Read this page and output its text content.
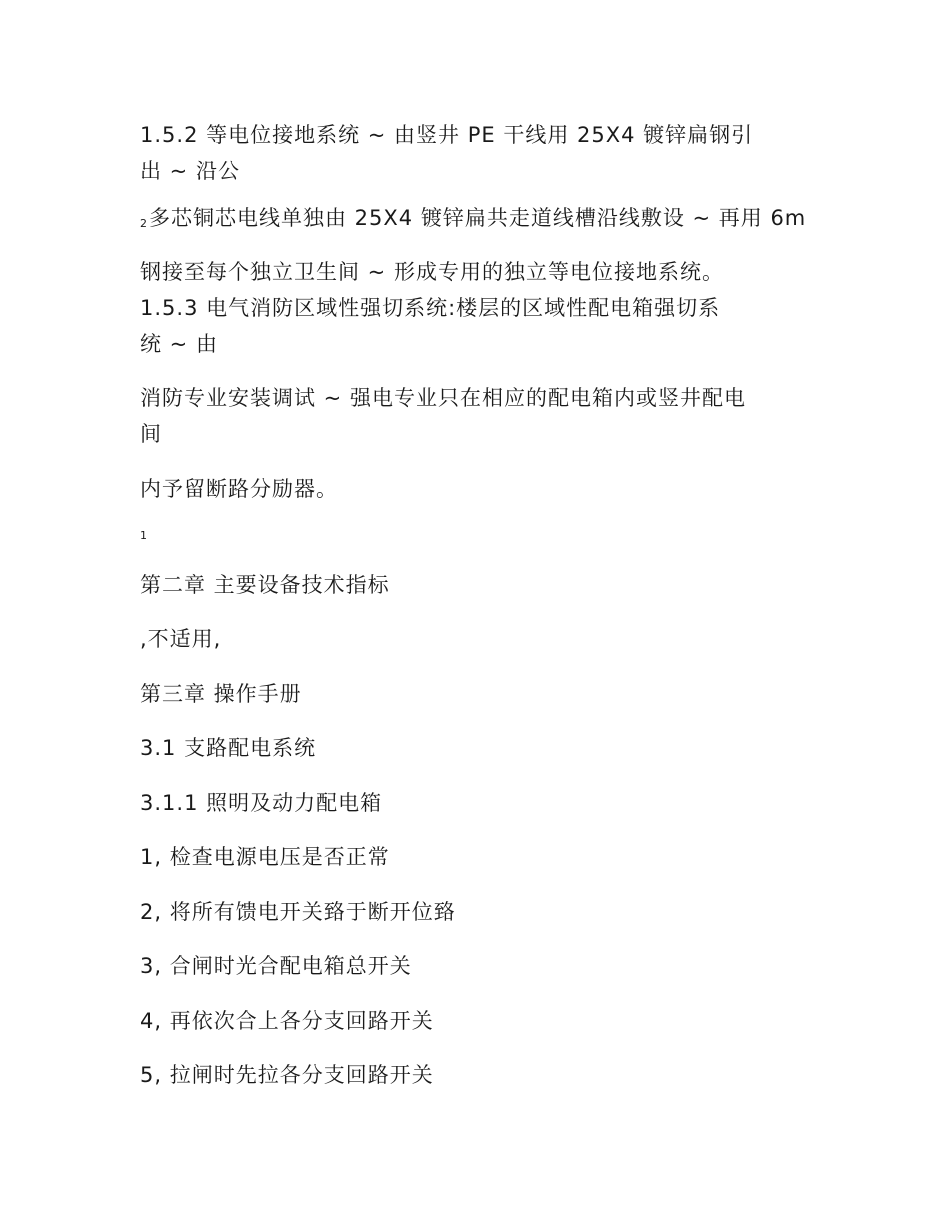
1.5.2 等电位接地系统 ~ 由竖井 PE 干线用 25X4 镀锌扁钢引
出 ~ 沿公
2多芯铜芯电线单独由 25X4 镀锌扁共走道线槽沿线敷设 ~ 再用 6m
钢接至每个独立卫生间 ~ 形成专用的独立等电位接地系统。
1.5.3 电气消防区域性强切系统:楼层的区域性配电箱强切系
统 ~ 由
消防专业安装调试 ~ 强电专业只在相应的配电箱内或竖井配电
间
内予留断路分励器。
1
第二章 主要设备技术指标
,不适用,
第三章 操作手册
3.1 支路配电系统
3.1.1 照明及动力配电箱
1, 检查电源电压是否正常
2, 将所有馈电开关臵于断开位臵
3, 合闸时光合配电箱总开关
4, 再依次合上各分支回路开关
5, 拉闸时先拉各分支回路开关
